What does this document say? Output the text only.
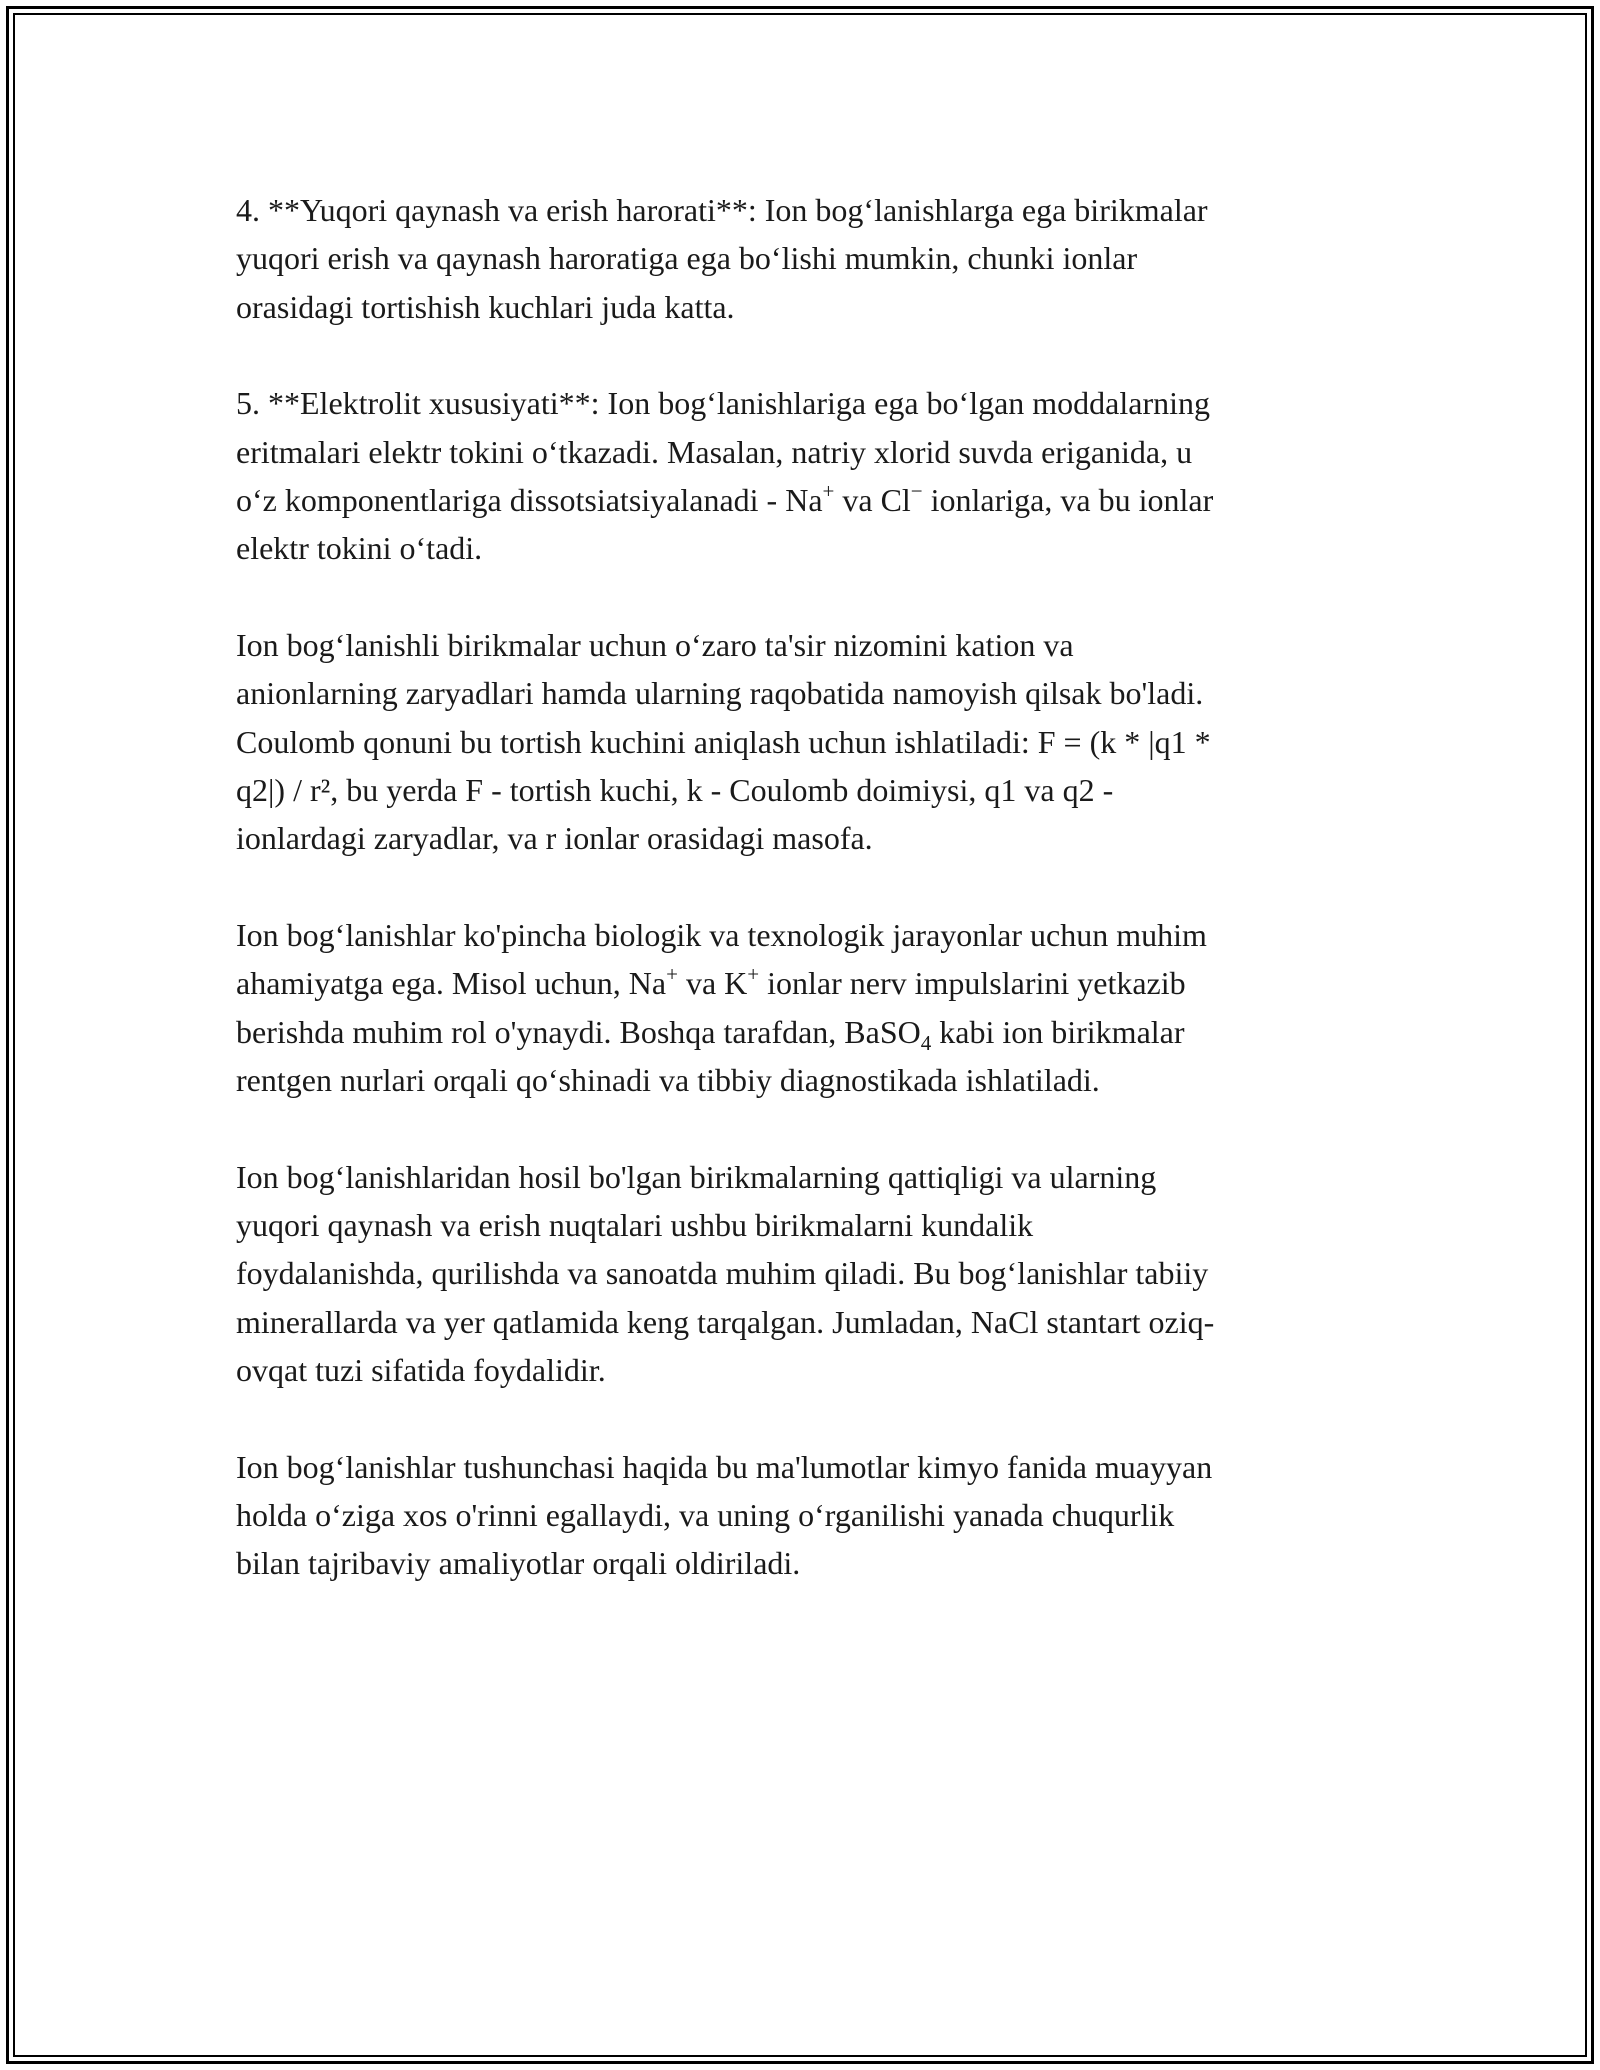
4. **Yuqori qaynash va erish harorati**: Ion bog‘lanishlarga ega birikmalar
yuqori erish va qaynash haroratiga ega bo‘lishi mumkin, chunki ionlar
orasidagi tortishish kuchlari juda katta.

5. **Elektrolit xususiyati**: Ion bog‘lanishlariga ega bo‘lgan moddalarning
eritmalari elektr tokini o‘tkazadi. Masalan, natriy xlorid suvda eriganida, u
o‘z komponentlariga dissotsiatsiyalanadi - Na+ va Cl− ionlariga, va bu ionlar
elektr tokini o‘tadi.

Ion bog‘lanishli birikmalar uchun o‘zaro ta'sir nizomini kation va
anionlarning zaryadlari hamda ularning raqobatida namoyish qilsak bo'ladi.
Coulomb qonuni bu tortish kuchini aniqlash uchun ishlatiladi: F = (k * |q1 *
q2|) / r², bu yerda F - tortish kuchi, k - Coulomb doimiysi, q1 va q2 -
ionlardagi zaryadlar, va r ionlar orasidagi masofa.

Ion bog‘lanishlar ko'pincha biologik va texnologik jarayonlar uchun muhim
ahamiyatga ega. Misol uchun, Na+ va K+ ionlar nerv impulslarini yetkazib
berishda muhim rol o'ynaydi. Boshqa tarafdan, BaSO$_4$ kabi ion birikmalar
rentgen nurlari orqali qo‘shinadi va tibbiy diagnostikada ishlatiladi.

Ion bog‘lanishlaridan hosil bo'lgan birikmalarning qattiqligi va ularning
yuqori qaynash va erish nuqtalari ushbu birikmalarni kundalik
foydalanishda, qurilishda va sanoatda muhim qiladi. Bu bog‘lanishlar tabiiy
minerallarda va yer qatlamida keng tarqalgan. Jumladan, NaCl stantart oziq-
ovqat tuzi sifatida foydalidir.

Ion bog‘lanishlar tushunchasi haqida bu ma'lumotlar kimyo fanida muayyan
holda o‘ziga xos o'rinni egallaydi, va uning o‘rganilishi yanada chuqurlik
bilan tajribaviy amaliyotlar orqali oldiriladi.
